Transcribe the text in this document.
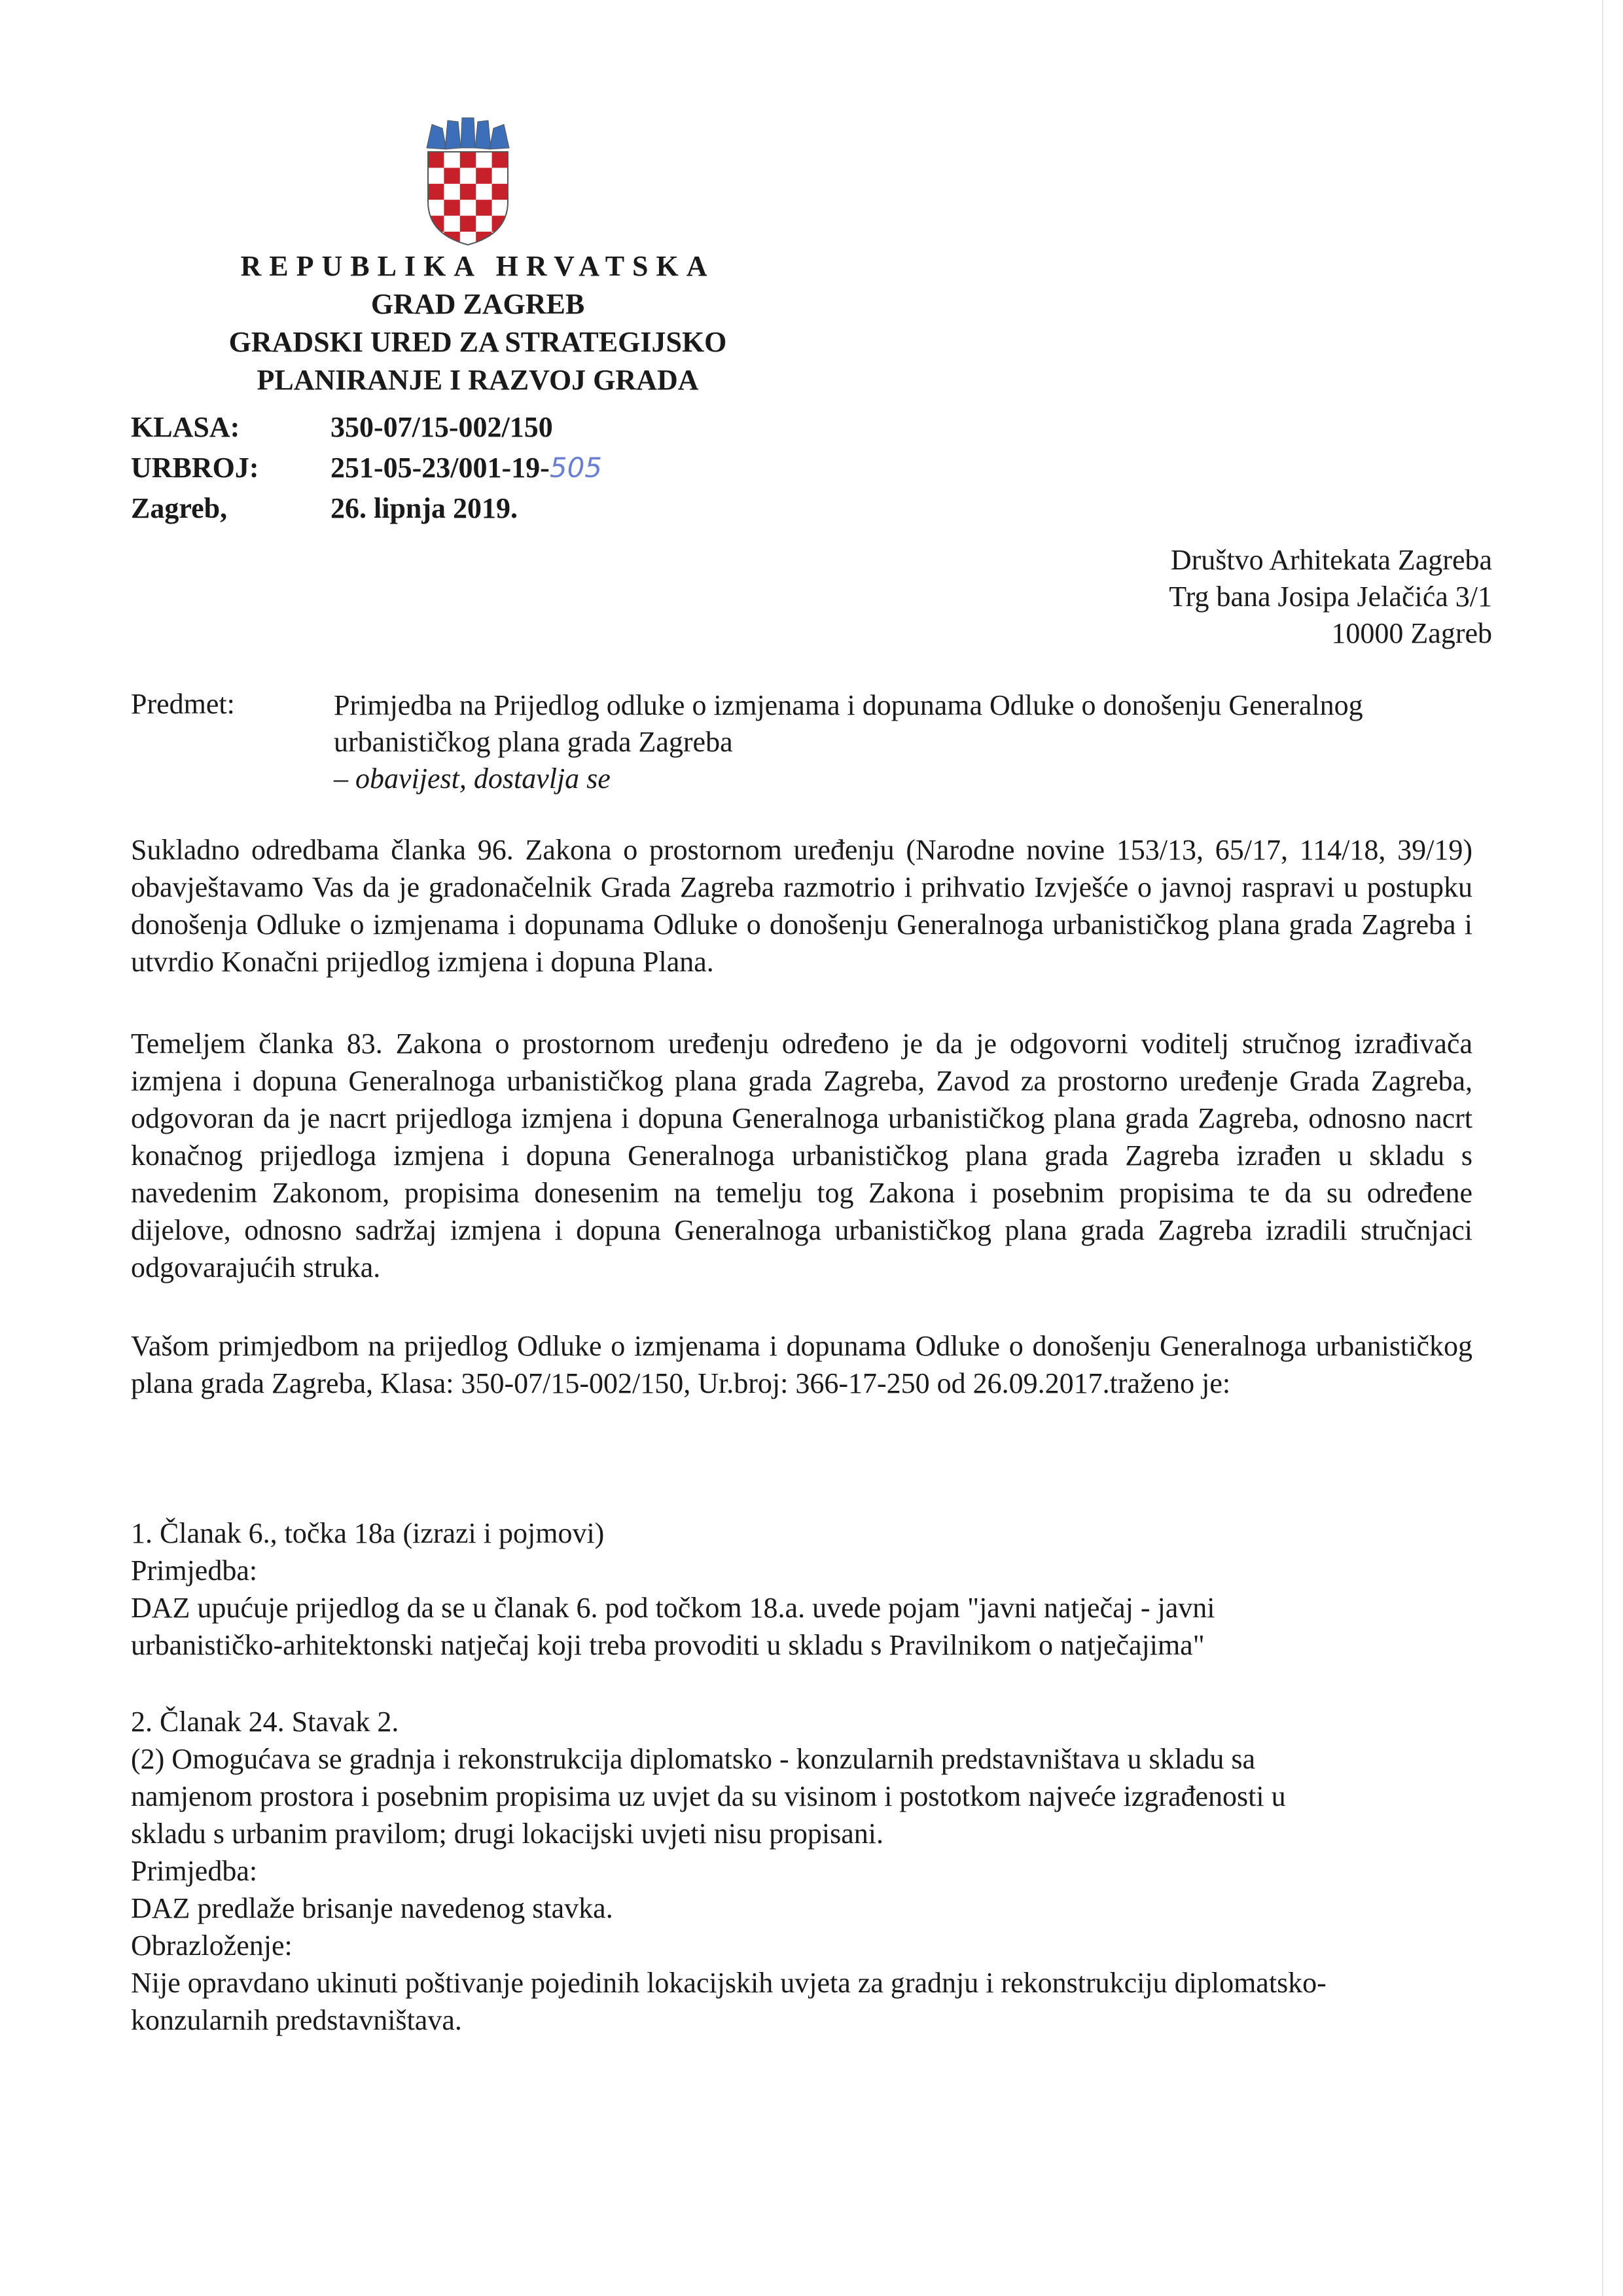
REPUBLIKA HRVATSKA
GRAD ZAGREB
GRADSKI URED ZA STRATEGIJSKO
PLANIRANJE I RAZVOJ GRADA
KLASA:	350-07/15-002/150
URBROJ: 251-05-23/001-19-505
Zagreb,	26. lipnja 2019.
Društvo Arhitekata Zagreba
Trg bana Josipa Jelačića 3/1
10000 Zagreb
Predmet:	Primjedba na Prijedlog odluke o izmjenama i dopunama Odluke o donošenju Generalnog
urbanističkog plana grada Zagreba
– obavijest, dostavlja se
Sukladno odredbama članka 96. Zakona o prostornom uređenju (Narodne novine 153/13, 65/17, 114/18, 39/19) obavještavamo Vas da je gradonačelnik Grada Zagreba razmotrio i prihvatio Izvješće o javnoj raspravi u postupku donošenja Odluke o izmjenama i dopunama Odluke o donošenju Generalnoga urbanističkog plana grada Zagreba i utvrdio Konačni prijedlog izmjena i dopuna Plana.
Temeljem članka 83. Zakona o prostornom uređenju određeno je da je odgovorni voditelj stručnog izrađivača izmjena i dopuna Generalnoga urbanističkog plana grada Zagreba, Zavod za prostorno uređenje Grada Zagreba, odgovoran da je nacrt prijedloga izmjena i dopuna Generalnoga urbanističkog plana grada Zagreba, odnosno nacrt konačnog prijedloga izmjena i dopuna Generalnoga urbanističkog plana grada Zagreba izrađen u skladu s navedenim Zakonom, propisima donesenim na temelju tog Zakona i posebnim propisima te da su određene dijelove, odnosno sadržaj izmjena i dopuna Generalnoga urbanističkog plana grada Zagreba izradili stručnjaci odgovarajućih struka.
Vašom primjedbom na prijedlog Odluke o izmjenama i dopunama Odluke o donošenju Generalnoga urbanističkog plana grada Zagreba, Klasa: 350-07/15-002/150, Ur.broj: 366-17-250 od 26.09.2017.traženo je:

1. Članak 6., točka 18a (izrazi i pojmovi)

Primjedba:

DAZ upućuje prijedlog da se u članak 6. pod točkom 18.a. uvede pojam "javni natječaj - javni

urbanističko-arhitektonski natječaj koji treba provoditi u skladu s Pravilnikom o natječajima"

2. Članak 24. Stavak 2.

(2) Omogućava se gradnja i rekonstrukcija diplomatsko - konzularnih predstavništava u skladu sa

namjenom prostora i posebnim propisima uz uvjet da su visinom i postotkom najveće izgrađenosti u

skladu s urbanim pravilom; drugi lokacijski uvjeti nisu propisani.

Primjedba:

DAZ predlaže brisanje navedenog stavka.

Obrazloženje:

Nije opravdano ukinuti poštivanje pojedinih lokacijskih uvjeta za gradnju i rekonstrukciju diplomatsko-

konzularnih predstavništava.
